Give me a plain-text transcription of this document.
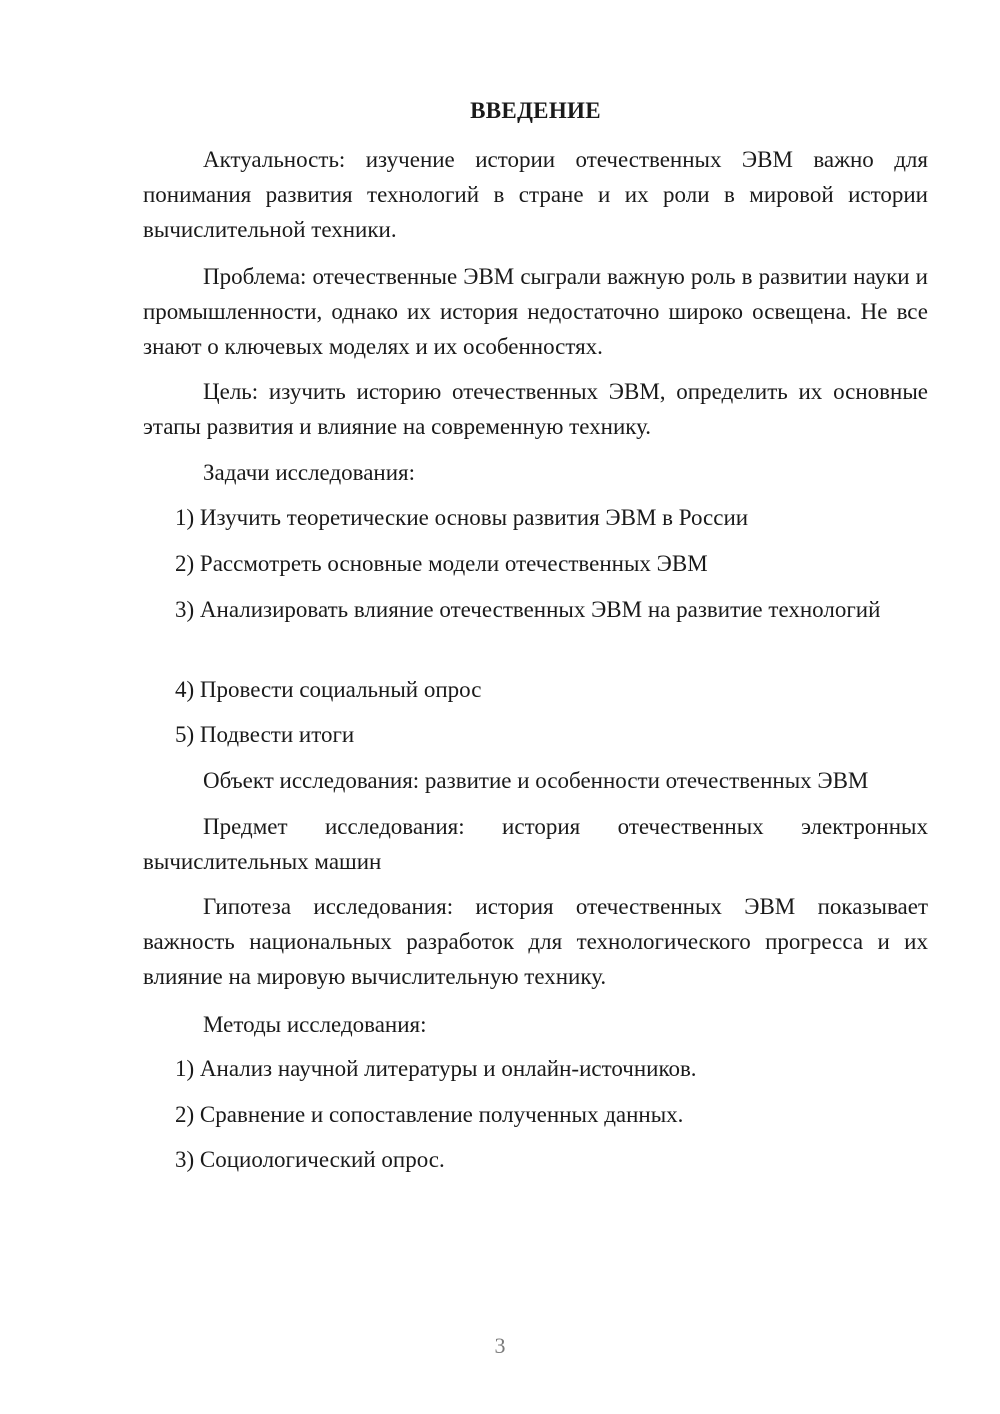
ВВЕДЕНИЕ

Актуальность: изучение истории отечественных ЭВМ важно для понимания развития технологий в стране и их роли в мировой истории вычислительной техники.

Проблема: отечественные ЭВМ сыграли важную роль в развитии науки и промышленности, однако их история недостаточно широко освещена. Не все знают о ключевых моделях и их особенностях.

Цель: изучить историю отечественных ЭВМ, определить их основные этапы развития и влияние на современную технику.

Задачи исследования:

1) Изучить теоретические основы развития ЭВМ в России

2) Рассмотреть основные модели отечественных ЭВМ

3) Анализировать влияние отечественных ЭВМ на развитие технологий

4) Провести социальный опрос

5) Подвести итоги

Объект исследования: развитие и особенности отечественных ЭВМ

Предмет исследования: история отечественных электронных вычислительных машин

Гипотеза исследования: история отечественных ЭВМ показывает важность национальных разработок для технологического прогресса и их влияние на мировую вычислительную технику.

Методы исследования:

1) Анализ научной литературы и онлайн-источников.

2) Сравнение и сопоставление полученных данных.

3) Социологический опрос.

3
